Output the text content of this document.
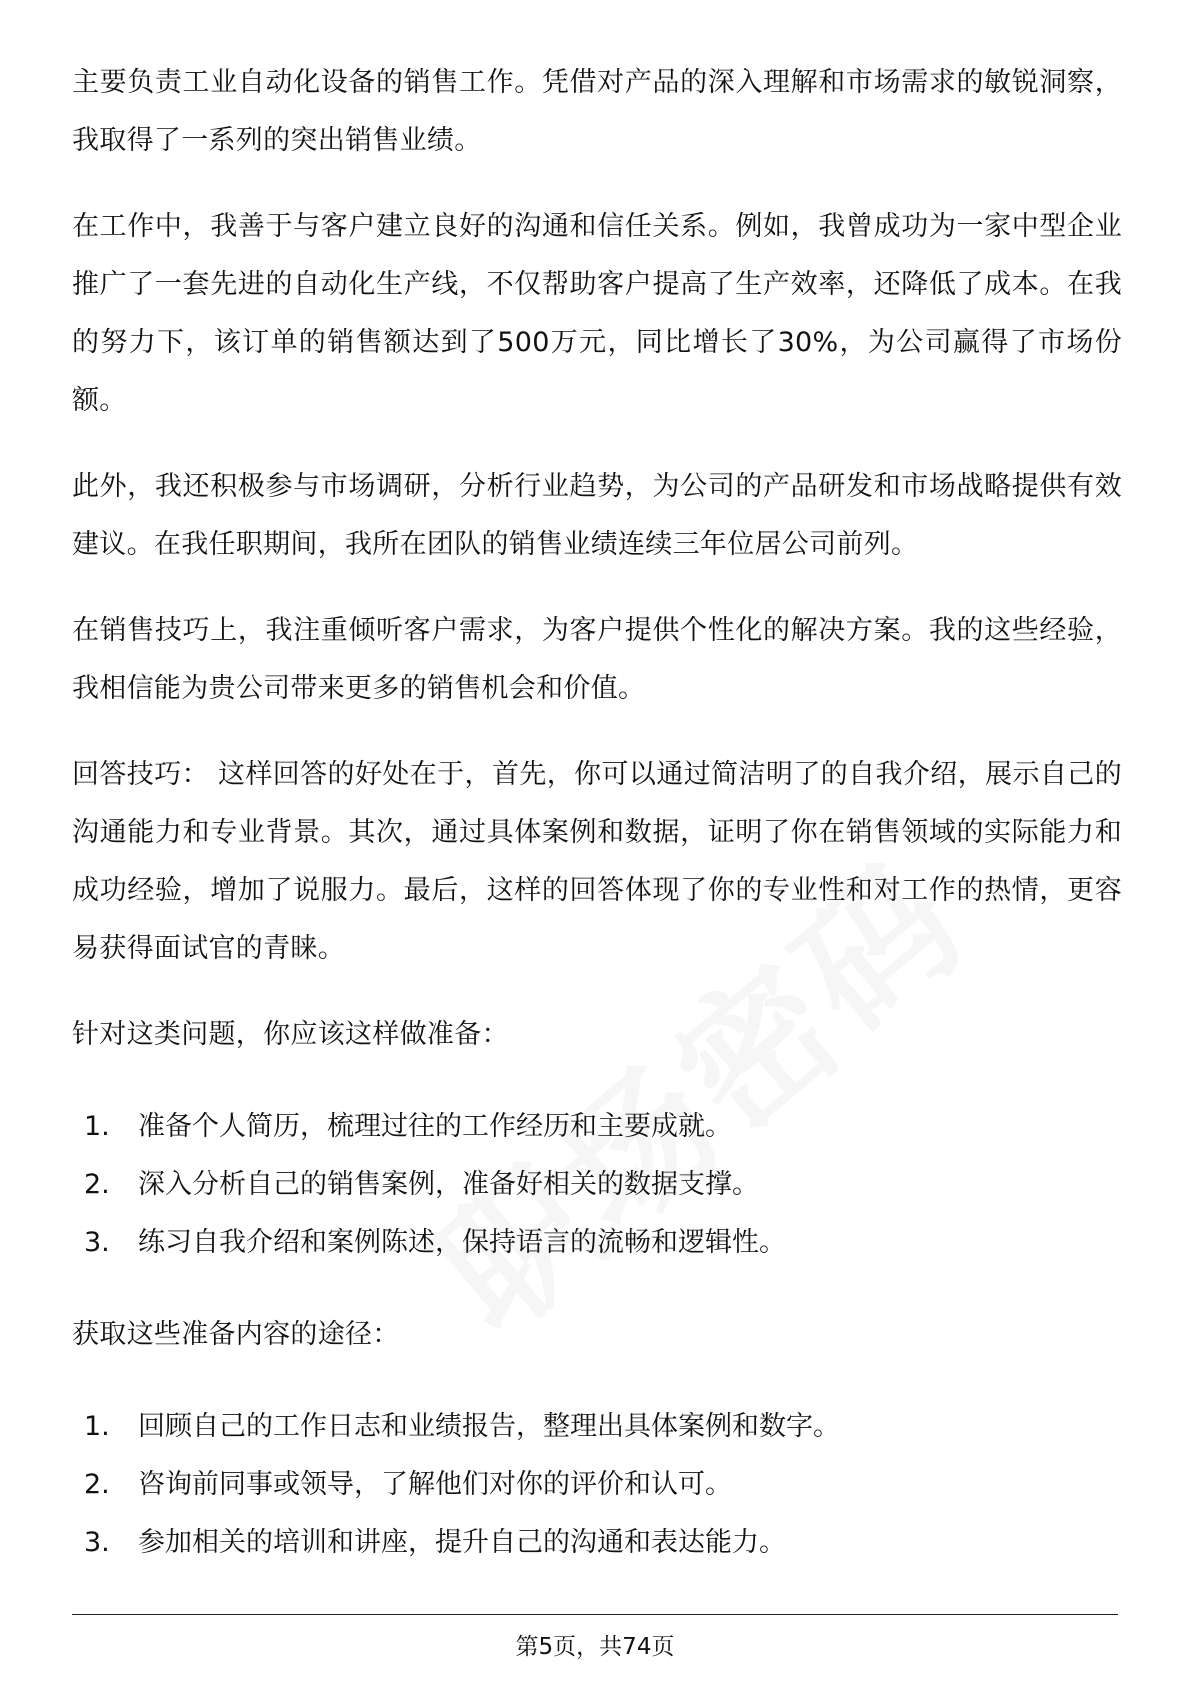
主要负责工业自动化设备的销售工作。凭借对产品的深入理解和市场需求的敏锐洞察，我取得了一系列的突出销售业绩。

在工作中，我善于与客户建立良好的沟通和信任关系。例如，我曾成功为一家中型企业推广了一套先进的自动化生产线，不仅帮助客户提高了生产效率，还降低了成本。在我的努力下，该订单的销售额达到了500万元，同比增长了30%，为公司赢得了市场份额。

此外，我还积极参与市场调研，分析行业趋势，为公司的产品研发和市场战略提供有效建议。在我任职期间，我所在团队的销售业绩连续三年位居公司前列。

在销售技巧上，我注重倾听客户需求，为客户提供个性化的解决方案。我的这些经验，我相信能为贵公司带来更多的销售机会和价值。

回答技巧： 这样回答的好处在于，首先，你可以通过简洁明了的自我介绍，展示自己的沟通能力和专业背景。其次，通过具体案例和数据，证明了你在销售领域的实际能力和成功经验，增加了说服力。最后，这样的回答体现了你的专业性和对工作的热情，更容易获得面试官的青睐。

针对这类问题，你应该这样做准备：

1.	准备个人简历，梳理过往的工作经历和主要成就。
2.	深入分析自己的销售案例，准备好相关的数据支撑。
3.	练习自我介绍和案例陈述，保持语言的流畅和逻辑性。

获取这些准备内容的途径：

1.	回顾自己的工作日志和业绩报告，整理出具体案例和数字。
2.	咨询前同事或领导，了解他们对你的评价和认可。
3.	参加相关的培训和讲座，提升自己的沟通和表达能力。
第5页，共74页
